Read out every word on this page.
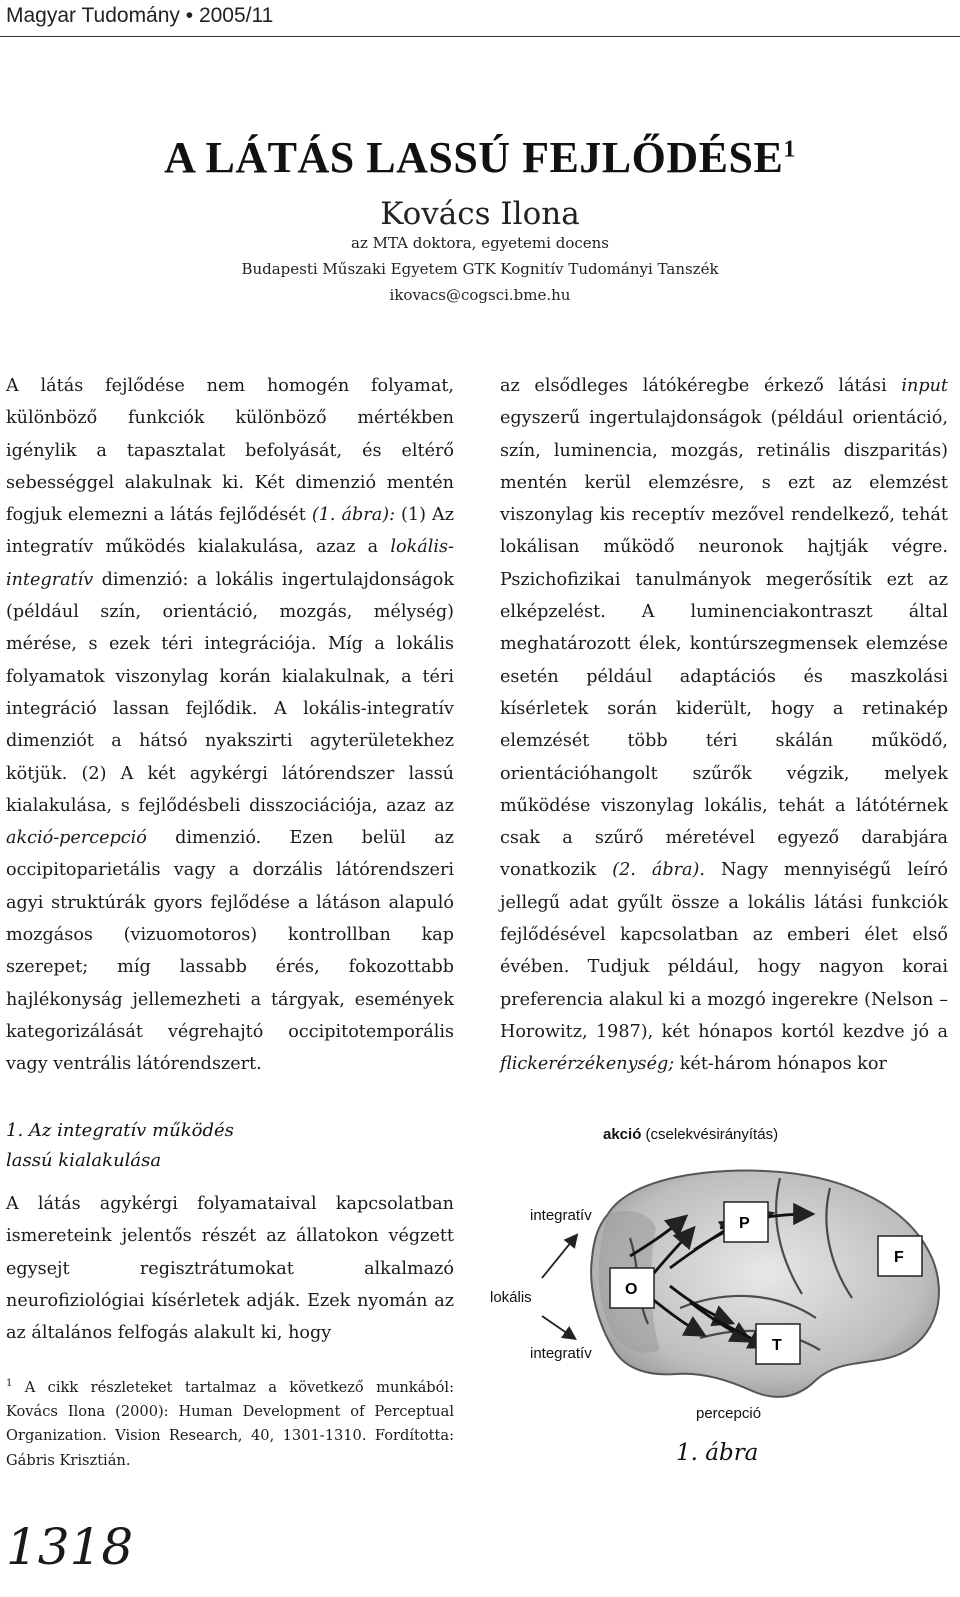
Magyar Tudomány • 2005/11
A LÁTÁS LASSÚ FEJLŐDÉSE$^1$
Kovács Ilona
az MTA doktora, egyetemi docens
Budapesti Műszaki Egyetem GTK Kognitív Tudományi Tanszék
ikovacs@cogsci.bme.hu

A látás fejlődése nem homogén folyamat, különböző funkciók különböző mértékben igénylik a tapasztalat befolyását, és eltérő sebességgel alakulnak ki. Két dimenzió mentén fogjuk elemezni a látás fejlődését (1. ábra): (1) Az integratív működés kialakulása, azaz a lokális-integratív dimenzió: a lokális ingertulajdonságok (például szín, orientáció, mozgás, mélység) mérése, s ezek téri integrációja. Míg a lokális folyamatok viszonylag korán kialakulnak, a téri integráció lassan fejlődik. A lokális-integratív dimenziót a hátsó nyakszirti agyterületekhez kötjük. (2) A két agykérgi látórendszer lassú kialakulása, s fejlődésbeli disszociációja, azaz az akció-percepció dimenzió. Ezen belül az occipitoparietális vagy a dorzális látórendszeri agyi struktúrák gyors fejlődése a látáson alapuló mozgásos (vizuomotoros) kontrollban kap szerepet; míg lassabb érés, fokozottabb hajlékonyság jellemezheti a tárgyak, események kategorizálását végrehajtó occipitotemporális vagy ventrális látórendszert.

1. Az integratív működés
lassú kialakulása

A látás agykérgi folyamataival kapcsolatban ismereteink jelentős részét az állatokon végzett egysejt regisztrátumokat alkalmazó neurofiziológiai kísérletek adják. Ezek nyomán az az általános felfogás alakult ki, hogy

$^1$ A cikk részleteket tartalmaz a következő munkából: Kovács Ilona (2000): Human Development of Perceptual Organization. Vision Research, 40, 1301-1310. Fordította: Gábris Krisztián.

az elsődleges látókéregbe érkező látási input egyszerű ingertulajdonságok (például orientáció, szín, luminencia, mozgás, retinális diszparitás) mentén kerül elemzésre, s ezt az elemzést viszonylag kis receptív mezővel rendelkező, tehát lokálisan működő neuronok hajtják végre. Pszichofizikai tanulmányok megerősítik ezt az elképzelést. A luminenciakontraszt által meghatározott élek, kontúrszegmensek elemzése esetén például adaptációs és maszkolási kísérletek során kiderült, hogy a retinakép elemzését több téri skálán működő, orientációhangolt szűrők végzik, melyek működése viszonylag lokális, tehát a látótérnek csak a szűrő méretével egyező darabjára vonatkozik (2. ábra). Nagy mennyiségű leíró jellegű adat gyűlt össze a lokális látási funkciók fejlődésével kapcsolatban az emberi élet első évében. Tudjuk például, hogy nagyon korai preferencia alakul ki a mozgó ingerekre (Nelson – Horowitz, 1987), két hónapos kortól kezdve jó a flickerérzékenység; két-három hónapos kor

akció (cselekvésirányítás)
P
F
O
T
integratív
lokális
integratív
percepció
1. ábra
1318
